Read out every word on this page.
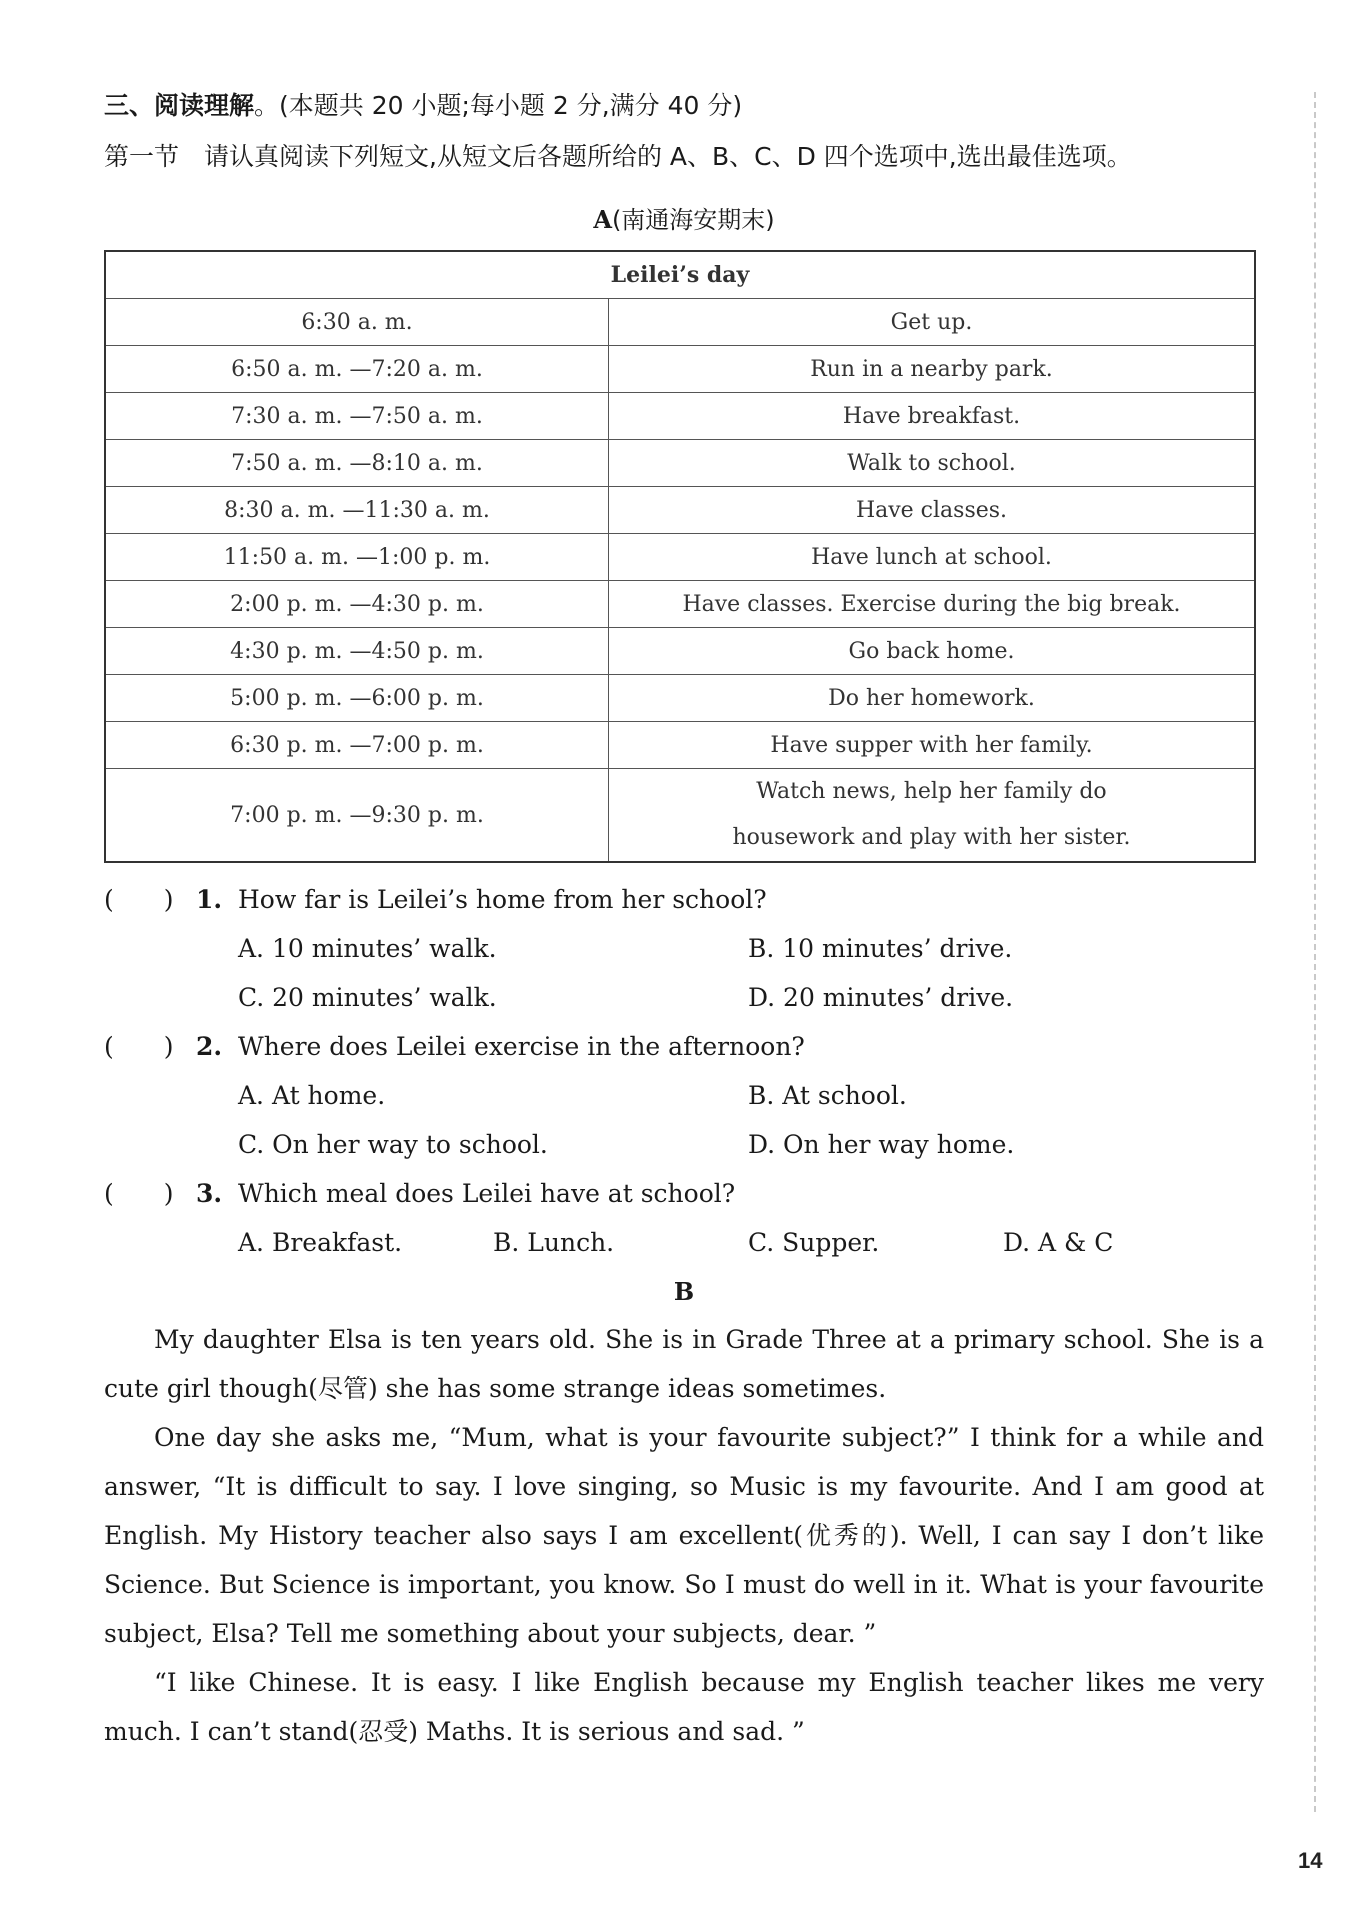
14

三、阅读理解。(本题共 20 小题;每小题 2 分,满分 40 分)

第一节　请认真阅读下列短文,从短文后各题所给的 A、B、C、D 四个选项中,选出最佳选项。

A(南通海安期末)
Leilei’s day	
6:30 a. m.	Get up.
6:50 a. m. —7:20 a. m.	Run in a nearby park.
7:30 a. m. —7:50 a. m.	Have breakfast.
7:50 a. m. —8:10 a. m.	Walk to school.
8:30 a. m. —11:30 a. m.	Have classes.
11:50 a. m. —1:00 p. m.	Have lunch at school.
2:00 p. m. —4:30 p. m.	Have classes. Exercise during the big break.
4:30 p. m. —4:50 p. m.	Go back home.
5:00 p. m. —6:00 p. m.	Do her homework.
6:30 p. m. —7:00 p. m.	Have supper with her family.
7:00 p. m. —9:30 p. m.	Watch news, help her family do
housework and play with her sister.
(　　) 1. How far is Leilei’s home from her school?
A. 10 minutes’ walk.	B. 10 minutes’ drive.
C. 20 minutes’ walk.	D. 20 minutes’ drive.
(　　) 2. Where does Leilei exercise in the afternoon?
A. At home.	B. At school.
C. On her way to school.	D. On her way home.
(　　) 3. Which meal does Leilei have at school?
A. Breakfast.	B. Lunch.	C. Supper.	D. A & C
B

My daughter Elsa is ten years old. She is in Grade Three at a primary school. She is a cute girl though(尽管) she has some strange ideas sometimes.

One day she asks me, “Mum, what is your favourite subject?” I think for a while and answer, “It is difficult to say. I love singing, so Music is my favourite. And I am good at English. My History teacher also says I am excellent(优秀的). Well, I can say I don’t like Science. But Science is important, you know. So I must do well in it. What is your favourite subject, Elsa? Tell me something about your subjects, dear. ”

“I like Chinese. It is easy. I like English because my English teacher likes me very much. I can’t stand(忍受) Maths. It is serious and sad. ”
